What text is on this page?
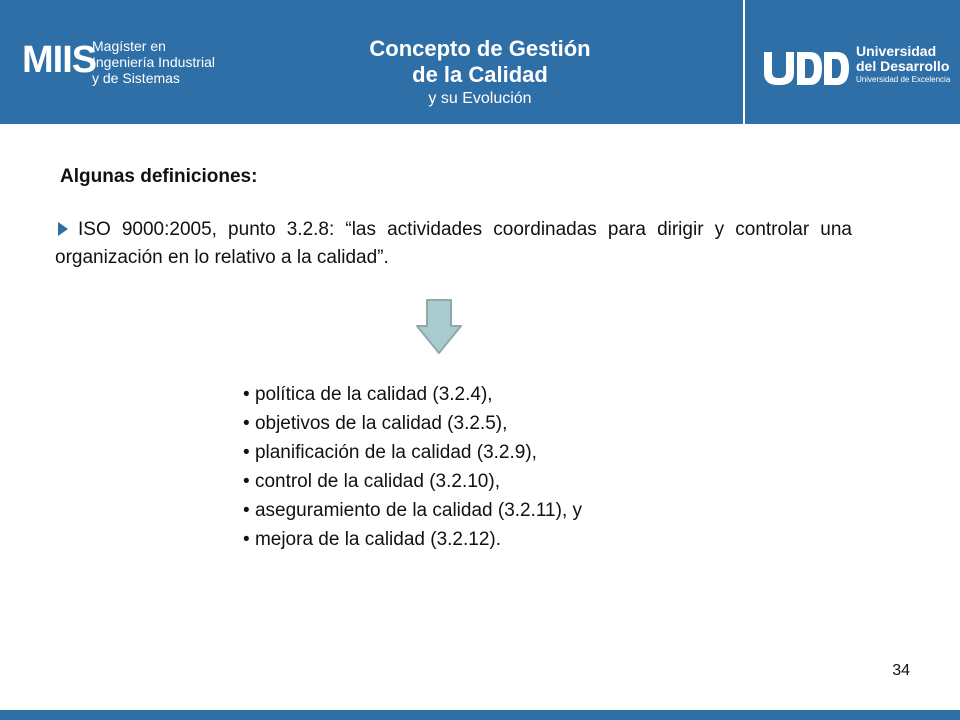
MIIS
Magíster en
Ingeniería Industrial
y de Sistemas
Concepto de Gestión
de la Calidad
y su Evolución
Universidad
del Desarrollo
Universidad de Excelencia
Algunas definiciones:
ISO 9000:2005, punto 3.2.8: “las actividades coordinadas para dirigir y controlar una organización en lo relativo a la calidad”.
• política de la calidad (3.2.4),
• objetivos de la calidad (3.2.5),
• planificación de la calidad (3.2.9),
• control de la calidad (3.2.10),
• aseguramiento de la calidad (3.2.11), y
• mejora de la calidad (3.2.12).
34
